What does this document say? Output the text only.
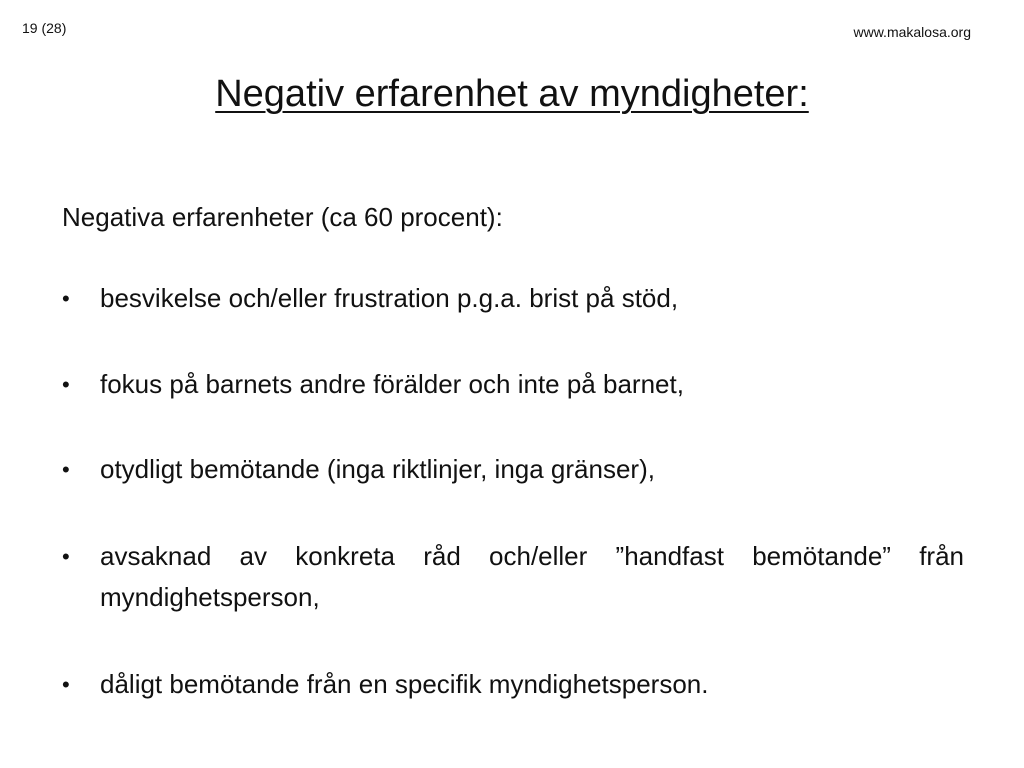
19 (28)	www.makalosa.org
Negativ erfarenhet av myndigheter:
Negativa erfarenheter (ca 60 procent):
•	besvikelse och/eller frustration p.g.a. brist på stöd,
•	fokus på barnets andre förälder och inte på barnet,
•	otydligt bemötande (inga riktlinjer, inga gränser),
•	avsaknad av konkreta råd och/eller ”handfast bemötande” från myndighetsperson,
•	dåligt bemötande från en specifik myndighetsperson.
